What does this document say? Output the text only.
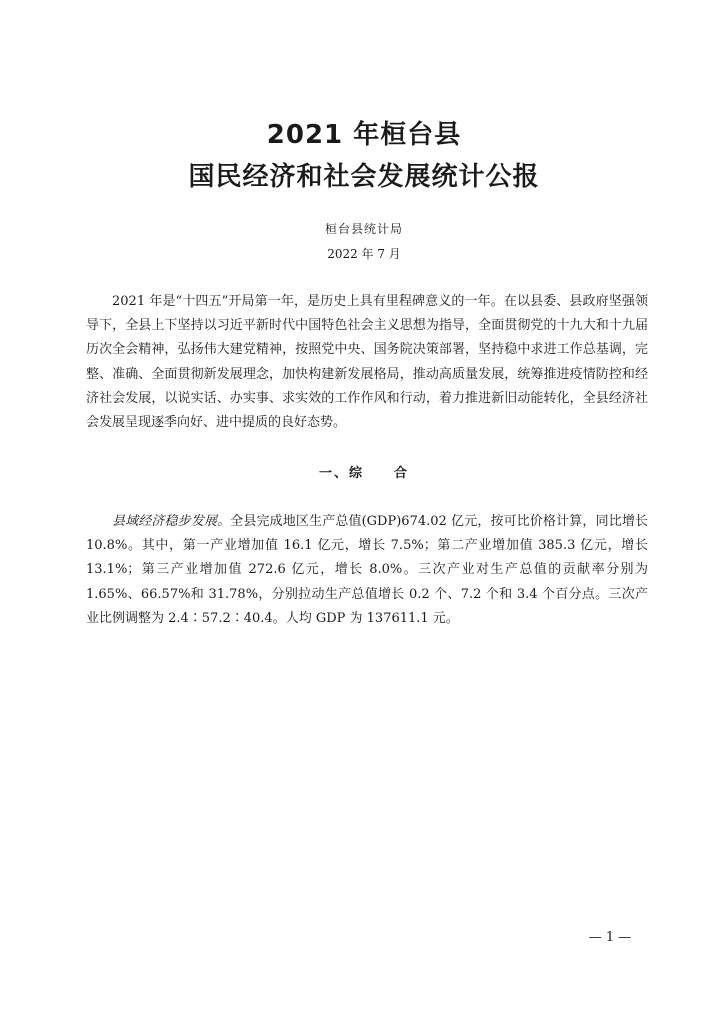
2021 年桓台县
国民经济和社会发展统计公报
桓台县统计局
2022 年 7 月

2021 年是“十四五”开局第一年，是历史上具有里程碑意义的一年。在以县委、县政府坚强领导下，全县上下坚持以习近平新时代中国特色社会主义思想为指导，全面贯彻党的十九大和十九届历次全会精神，弘扬伟大建党精神，按照党中央、国务院决策部署，坚持稳中求进工作总基调，完整、准确、全面贯彻新发展理念，加快构建新发展格局，推动高质量发展，统筹推进疫情防控和经济社会发展，以说实话、办实事、求实效的工作作风和行动，着力推进新旧动能转化，全县经济社会发展呈现逐季向好、进中提质的良好态势。

一、综　　合

县域经济稳步发展。全县完成地区生产总值(GDP)674.02 亿元，按可比价格计算，同比增长 10.8%。其中，第一产业增加值 16.1 亿元，增长 7.5%；第二产业增加值 385.3 亿元，增长 13.1%；第三产业增加值 272.6 亿元，增长 8.0%。三次产业对生产总值的贡献率分别为 1.65%、66.57%和 31.78%，分别拉动生产总值增长 0.2 个、7.2 个和 3.4 个百分点。三次产业比例调整为 2.4∶57.2∶40.4。人均 GDP 为 137611.1 元。

— 1 —
